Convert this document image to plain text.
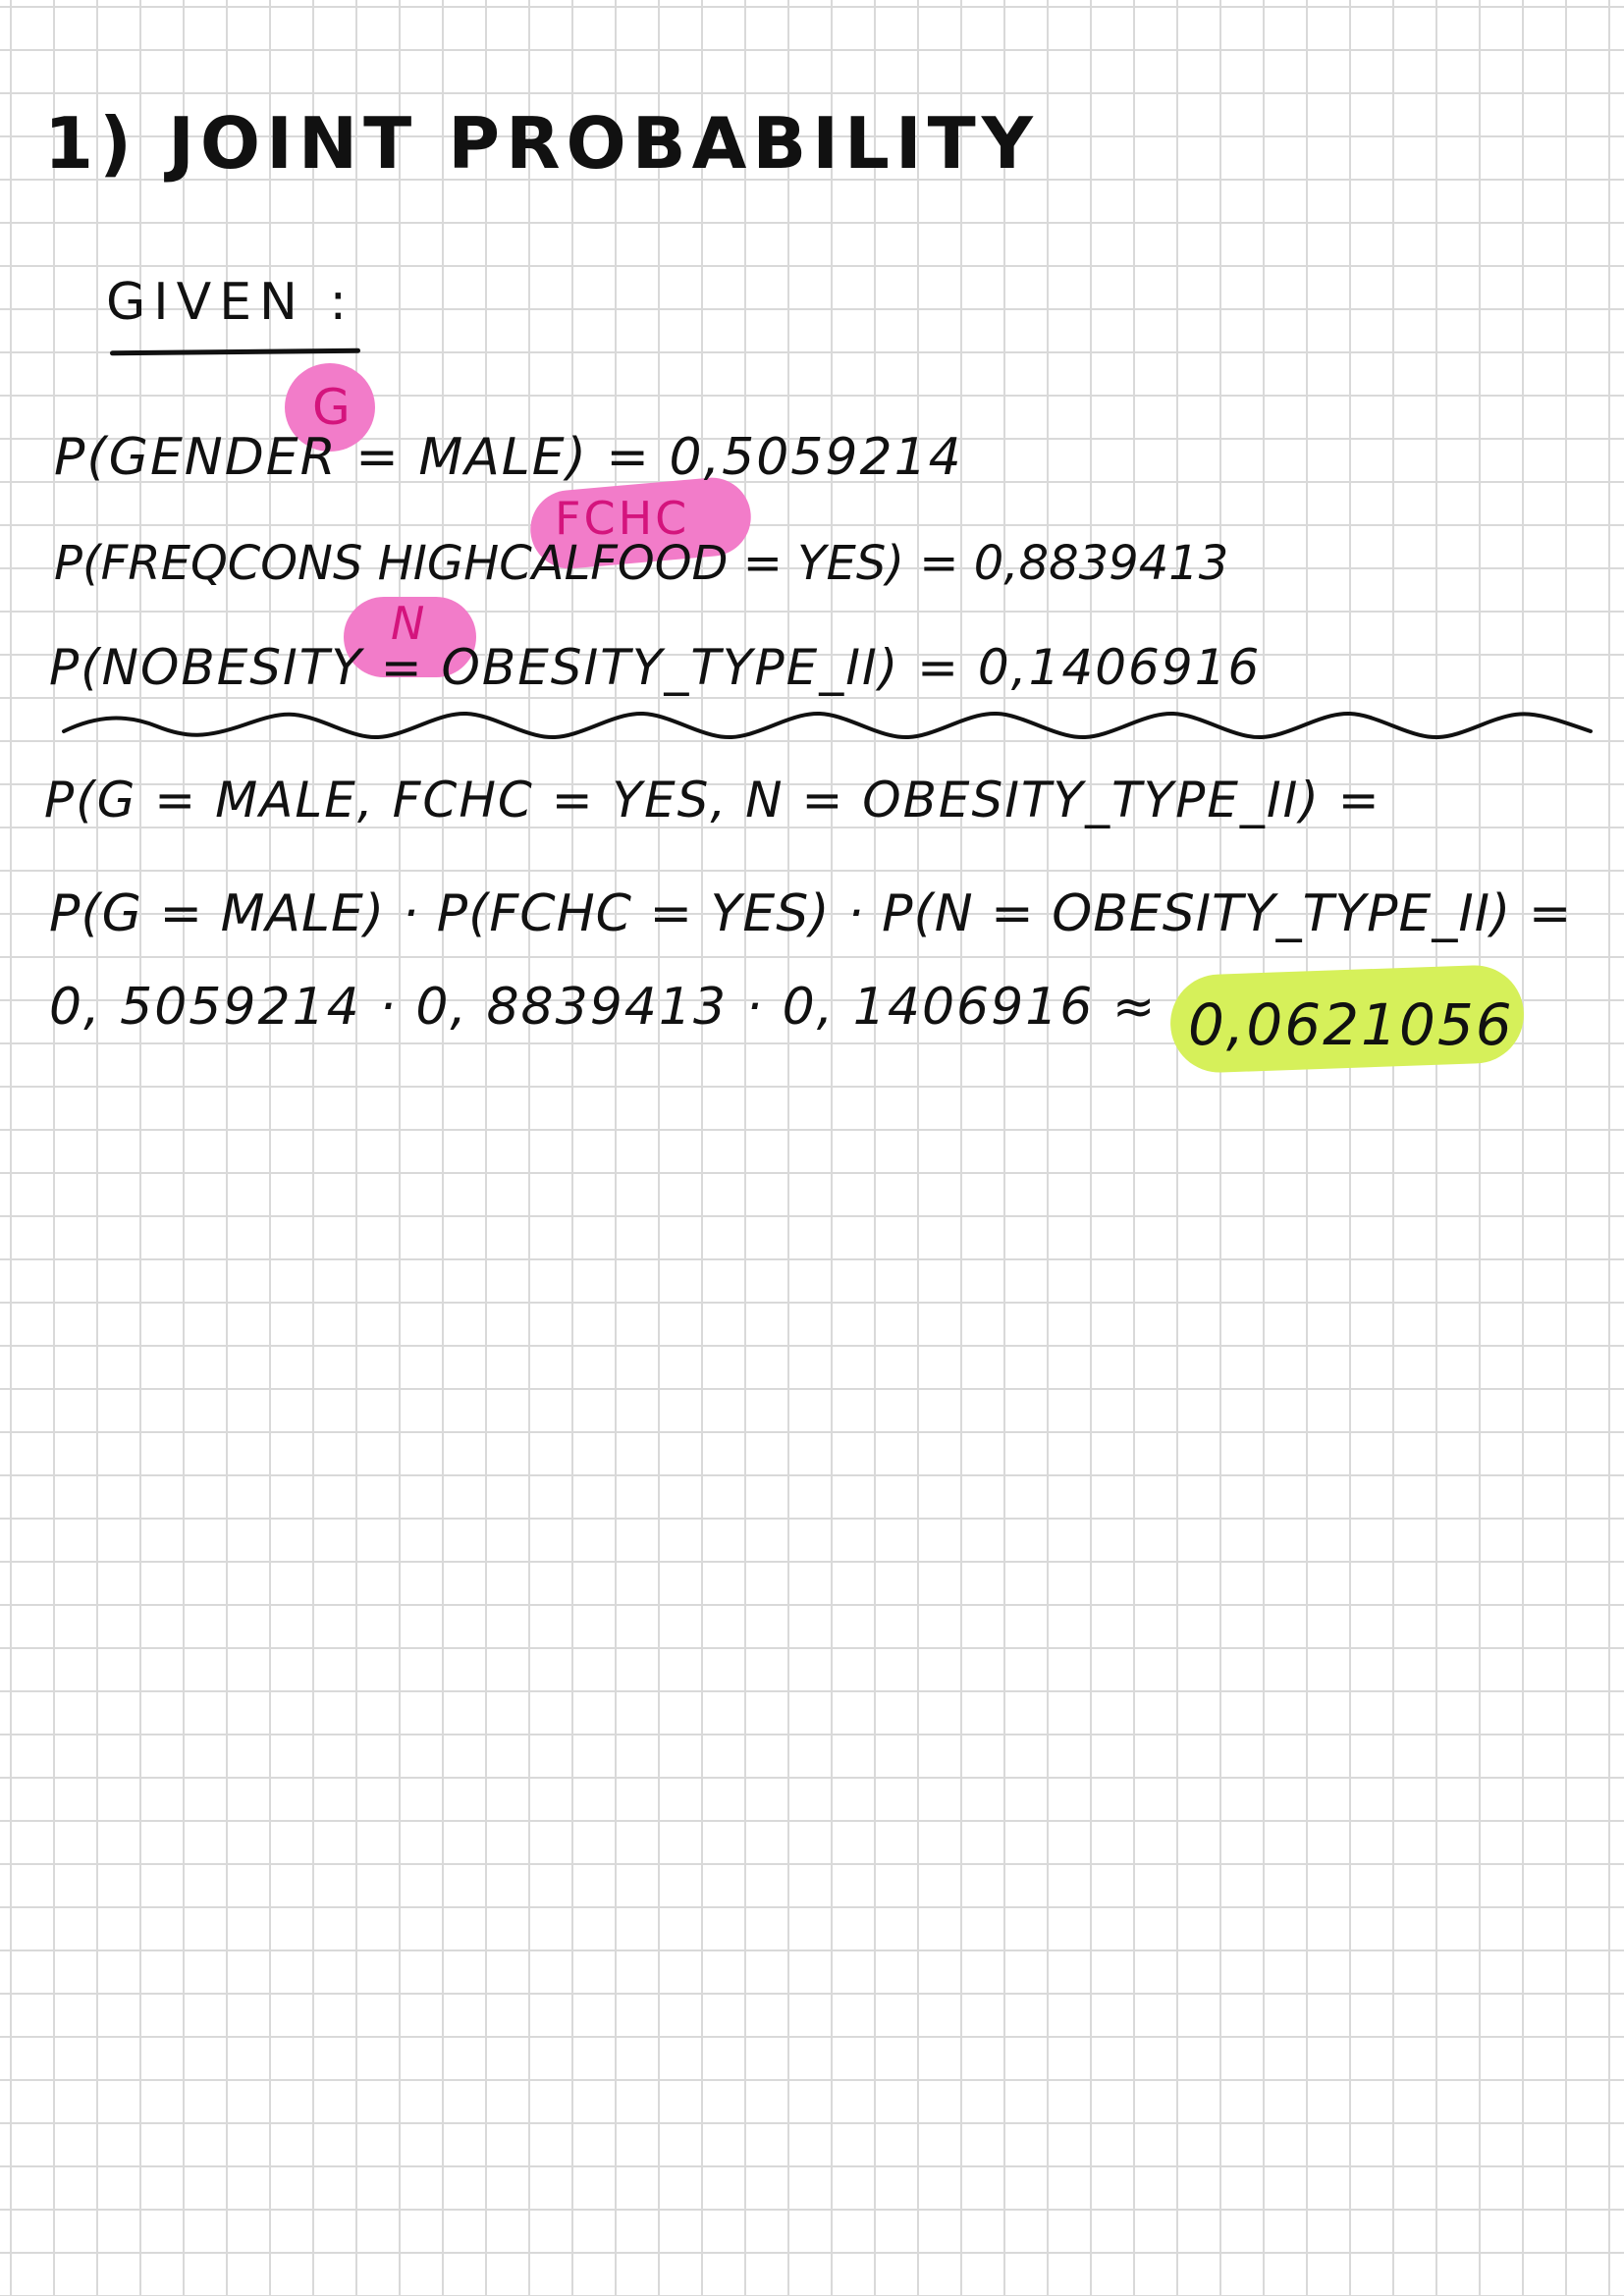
1) JOINT PROBABILITY
GIVEN :
G
FCHC
N
P(GENDER = MALE) = 0,5059214
P(FREQCONS HIGHCALFOOD = YES) = 0,8839413
P(NOBESITY = OBESITY_TYPE_II) = 0,1406916
P(G = MALE, FCHC = YES, N = OBESITY_TYPE_II) =
P(G = MALE) · P(FCHC = YES) · P(N = OBESITY_TYPE_II) =
0, 5059214 · 0, 8839413 · 0, 1406916 ≈ 0,0621056
